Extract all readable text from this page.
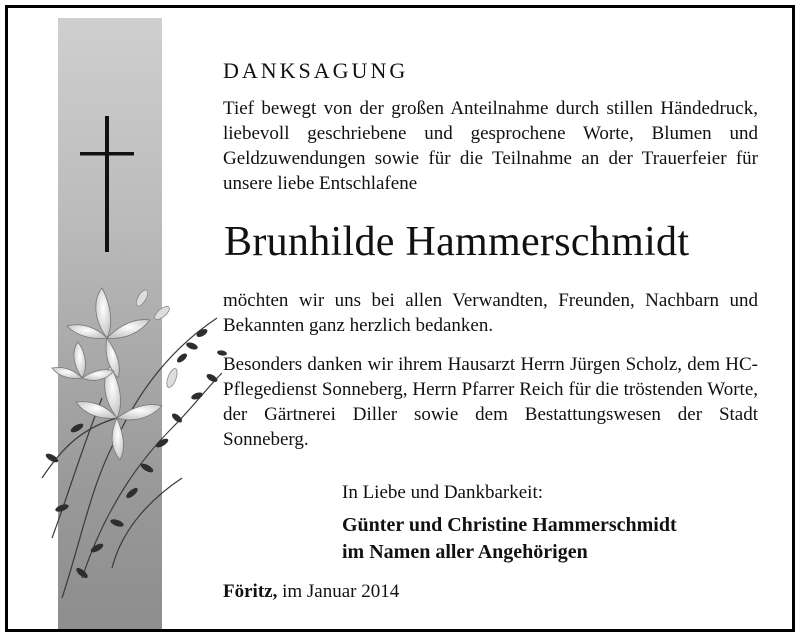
DANKSAGUNG
Tief bewegt von der großen Anteilnahme durch stillen Händedruck, liebevoll geschriebene und gesprochene Worte, Blumen und Geldzuwendungen sowie für die Teilnahme an der Trauerfeier für unsere liebe Entschlafene
Brunhilde Hammerschmidt
möchten wir uns bei allen Verwandten, Freunden, Nachbarn und Bekannten ganz herzlich bedanken.
Besonders danken wir ihrem Hausarzt Herrn Jürgen Scholz, dem HC-Pflegedienst Sonneberg, Herrn Pfarrer Reich für die tröstenden Worte, der Gärtnerei Diller sowie dem Bestattungswesen der Stadt Sonneberg.
In Liebe und Dankbarkeit:
Günter und Christine Hammerschmidt
im Namen aller Angehörigen
Föritz, im Januar 2014
